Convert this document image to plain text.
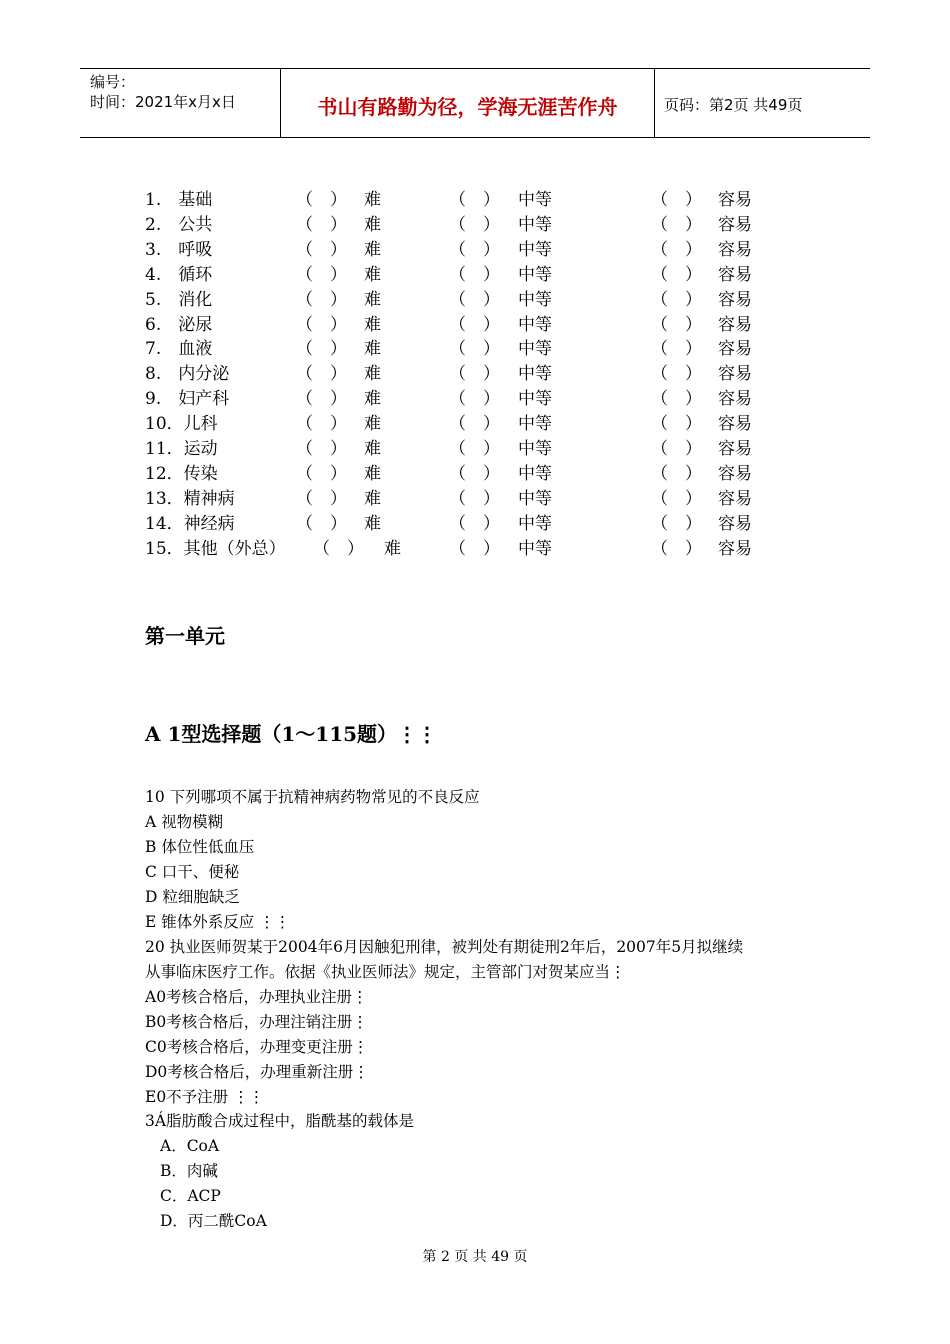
编号：
时间：2021年x月x日	书山有路勤为径，学海无涯苦作舟	页码：第2页 共49页
1.　基础	（　） 难	（　） 中等	（　） 容易
2.　公共	（　） 难	（　） 中等	（　） 容易
3.　呼吸	（　） 难	（　） 中等	（　） 容易
4.　循环	（　） 难	（　） 中等	（　） 容易
5.　消化	（　） 难	（　） 中等	（　） 容易
6.　泌尿	（　） 难	（　） 中等	（　） 容易
7.　血液	（　） 难	（　） 中等	（　） 容易
8.　内分泌	（　） 难	（　） 中等	（　） 容易
9.　妇产科	（　） 难	（　） 中等	（　） 容易
10．儿科	（　） 难	（　） 中等	（　） 容易
11．运动	（　） 难	（　） 中等	（　） 容易
12．传染	（　） 难	（　） 中等	（　） 容易
13．精神病	（　） 难	（　） 中等	（　） 容易
14．神经病	（　） 难	（　） 中等	（　） 容易
15．其他（外总） （　） 难	（　） 中等	（　） 容易
第一单元
A 1型选择题（1～115题）⋮⋮
10 下列哪项不属于抗精神病药物常见的不良反应
A 视物模糊
B 体位性低血压
C 口干、便秘
D 粒细胞缺乏
E 锥体外系反应 ⋮⋮
20 执业医师贺某于2004年6月因触犯刑律，被判处有期徒刑2年后，2007年5月拟继续
从事临床医疗工作。依据《执业医师法》规定，主管部门对贺某应当⋮
A0考核合格后，办理执业注册⋮
B0考核合格后，办理注销注册⋮
C0考核合格后，办理变更注册⋮
D0考核合格后，办理重新注册⋮
E0不予注册 ⋮⋮
3Á脂肪酸合成过程中，脂酰基的载体是
A．CoA
B．肉碱
C．ACP
D．丙二酰CoA
第 2 页 共 49 页
